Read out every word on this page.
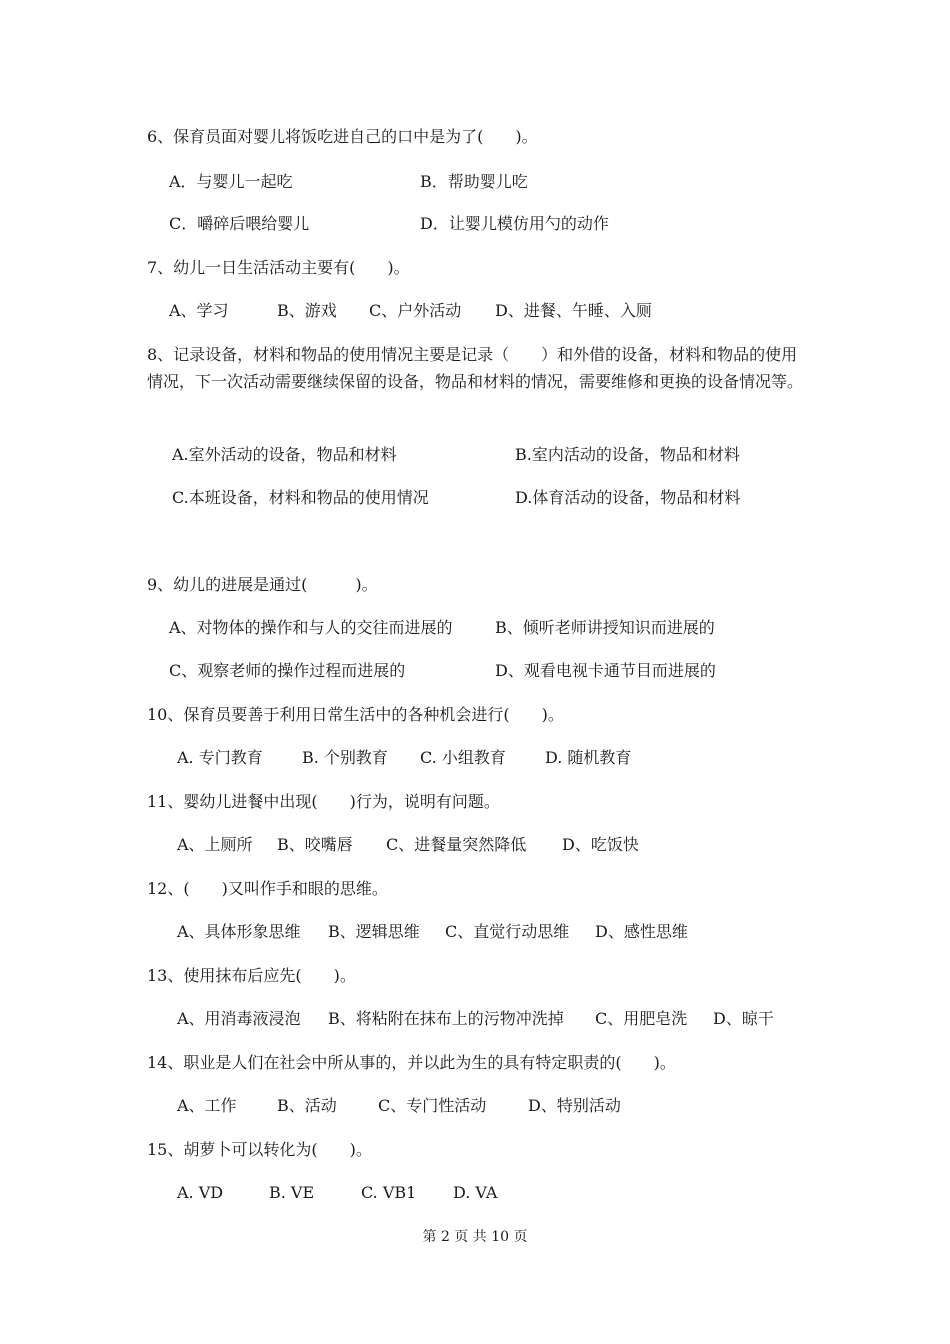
6、保育员面对婴儿将饭吃进自己的口中是为了(　　)。
A．与婴儿一起吃	B．帮助婴儿吃
C．嚼碎后喂给婴儿	D．让婴儿模仿用勺的动作
7、幼儿一日生活活动主要有(　　)。
A、学习	B、游戏 C、户外活动 D、进餐、午睡、入厕
8、记录设备，材料和物品的使用情况主要是记录（　　）和外借的设备，材料和物品的使用情况，下一次活动需要继续保留的设备，物品和材料的情况，需要维修和更换的设备情况等。
A.室外活动的设备，物品和材料	B.室内活动的设备，物品和材料
C.本班设备，材料和物品的使用情况	D.体育活动的设备，物品和材料
9、幼儿的进展是通过(　　　)。
A、对物体的操作和与人的交往而进展的	B、倾听老师讲授知识而进展的
C、观察老师的操作过程而进展的	D、观看电视卡通节目而进展的
10、保育员要善于利用日常生活中的各种机会进行(　　)。
A. 专门教育 B. 个别教育 C. 小组教育 D. 随机教育
11、婴幼儿进餐中出现(　　)行为，说明有问题。
A、上厕所 B、咬嘴唇 C、进餐量突然降低 D、吃饭快
12、(　　)又叫作手和眼的思维。
A、具体形象思维 B、逻辑思维 C、直觉行动思维 D、感性思维
13、使用抹布后应先(　　)。
A、用消毒液浸泡 B、将粘附在抹布上的污物冲洗掉 C、用肥皂洗 D、晾干
14、职业是人们在社会中所从事的，并以此为生的具有特定职责的(　　)。
A、工作	B、活动	C、专门性活动	D、特别活动
15、胡萝卜可以转化为(　　)。
A. VD	B. VE	C. VB1 D. VA
第 2 页 共 10 页
